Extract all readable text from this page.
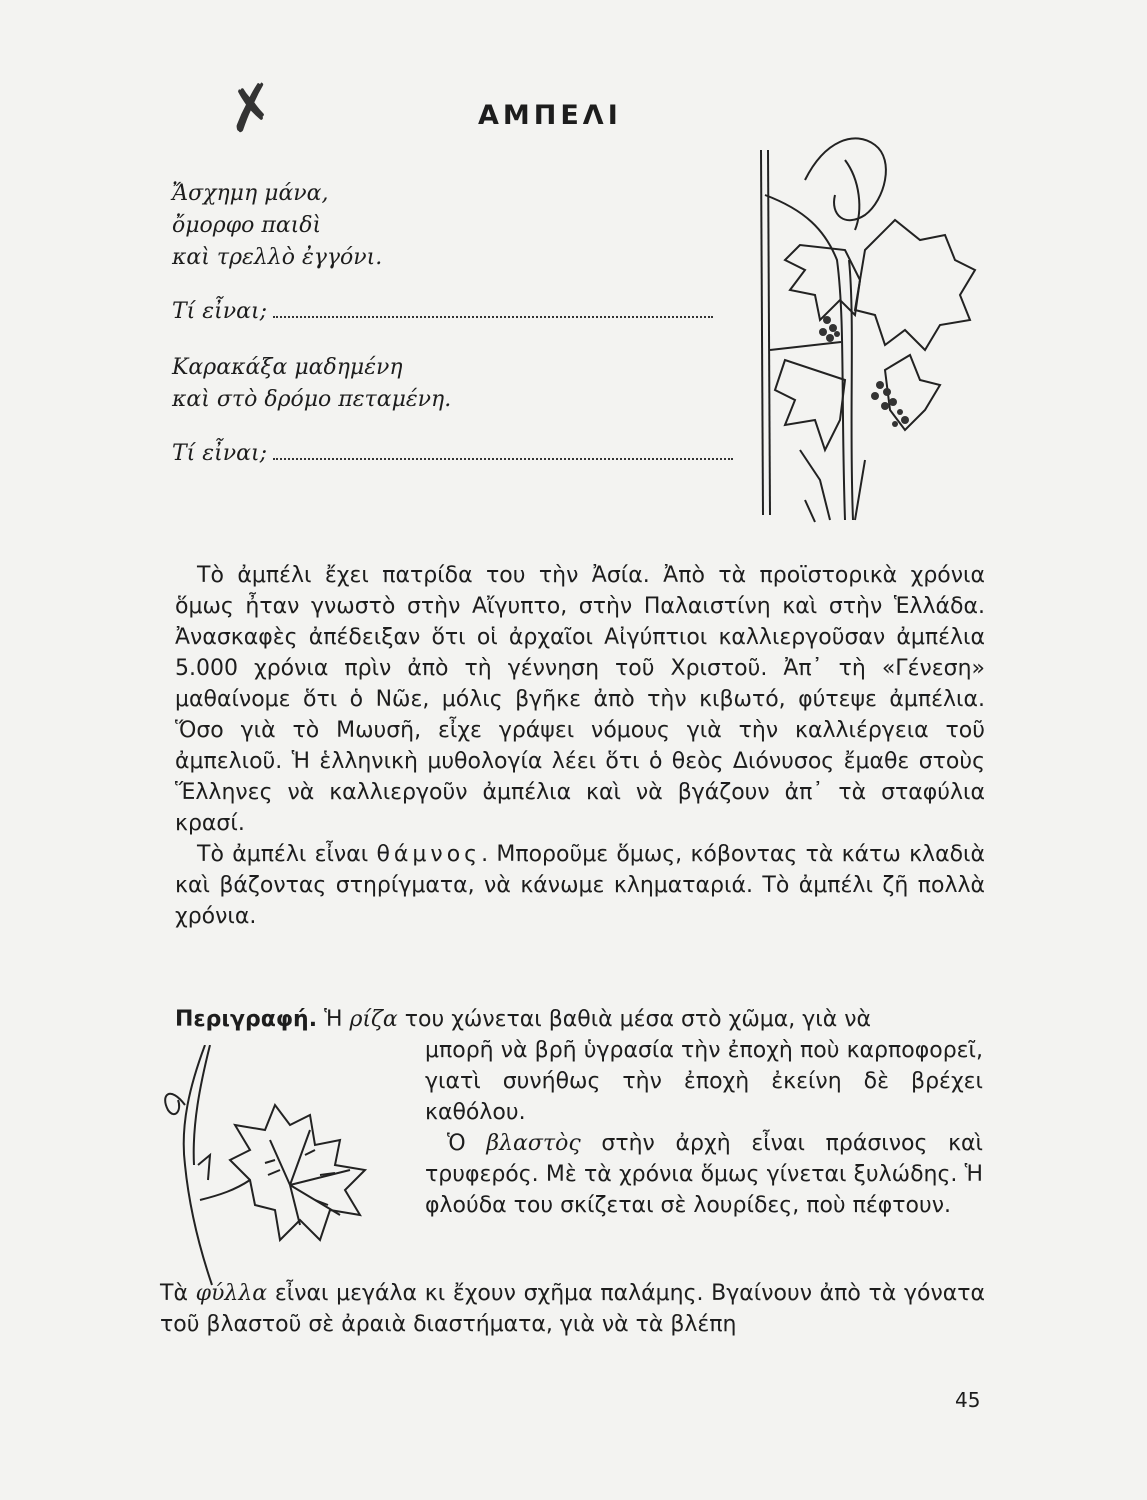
✗	ΑΜΠΕΛΙ
Ἄσχημη μάνα,
ὄμορφο παιδὶ
καὶ τρελλὸ ἐγγόνι.
Τί εἶναι;
Καρακάξα μαδημένη
καὶ στὸ δρόμο πεταμένη.
Τί εἶναι;

Τὸ ἀμπέλι ἔχει πατρίδα του τὴν Ἀσία. Ἀπὸ τὰ προϊστορικὰ χρόνια ὅμως ἦταν γνωστὸ στὴν Αἴγυπτο, στὴν Παλαιστίνη καὶ στὴν Ἑλλάδα. Ἀνασκαφὲς ἀπέδειξαν ὅτι οἱ ἀρχαῖοι Αἰγύπτιοι καλλιεργοῦσαν ἀμπέλια 5.000 χρόνια πρὶν ἀπὸ τὴ γέννηση τοῦ Χριστοῦ. Ἀπ᾽ τὴ «Γένεση» μαθαίνομε ὅτι ὁ Νῶε, μόλις βγῆκε ἀπὸ τὴν κιβωτό, φύτεψε ἀμπέλια. Ὅσο γιὰ τὸ Μωυσῆ, εἶχε γράψει νόμους γιὰ τὴν καλλιέργεια τοῦ ἀμπελιοῦ. Ἡ ἑλληνικὴ μυθολογία λέει ὅτι ὁ θεὸς Διόνυσος ἔμαθε στοὺς Ἕλληνες νὰ καλλιεργοῦν ἀμπέλια καὶ νὰ βγάζουν ἀπ᾽ τὰ σταφύλια κρασί.

Τὸ ἀμπέλι εἶναι θάμνος. Μποροῦμε ὅμως, κόβοντας τὰ κάτω κλαδιὰ καὶ βάζοντας στηρίγματα, νὰ κάνωμε κληματαριά. Τὸ ἀμπέλι ζῆ πολλὰ χρόνια.

Περιγραφή. Ἡ ρίζα του χώνεται βαθιὰ μέσα στὸ χῶμα, γιὰ νὰ

μπορῆ νὰ βρῆ ὑγρασία τὴν ἐποχὴ ποὺ καρποφορεῖ, γιατὶ συνήθως τὴν ἐποχὴ ἐκείνη δὲ βρέχει καθόλου.

Ὁ βλαστὸς στὴν ἀρχὴ εἶναι πράσινος καὶ τρυφερός. Μὲ τὰ χρόνια ὅμως γίνεται ξυλώδης. Ἡ φλούδα του σκίζεται σὲ λουρίδες, ποὺ πέφτουν.

Τὰ φύλλα εἶναι μεγάλα κι ἔχουν σχῆμα παλάμης. Βγαίνουν ἀπὸ τὰ γόνατα τοῦ βλαστοῦ σὲ ἀραιὰ διαστήματα, γιὰ νὰ τὰ βλέπη

45
